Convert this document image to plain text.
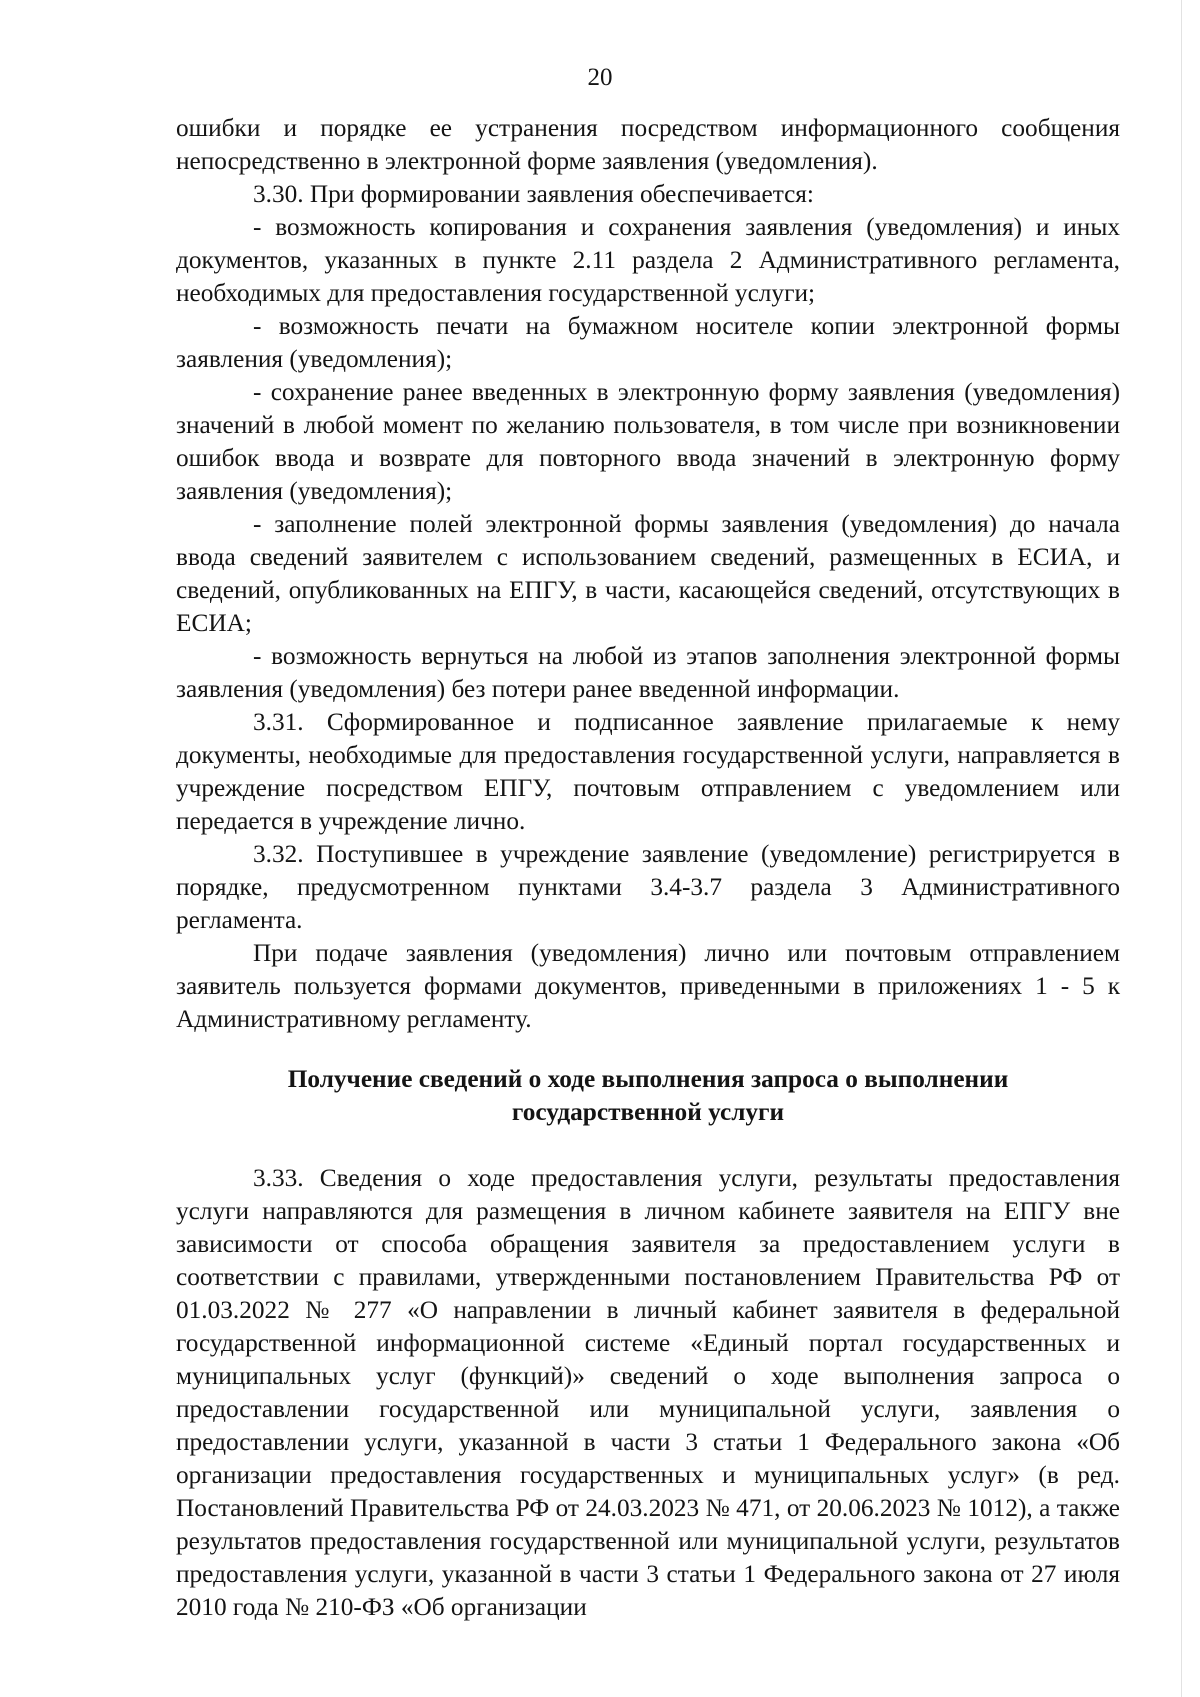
20

ошибки и порядке ее устранения посредством информационного сообщения непосредственно в электронной форме заявления (уведомления).

3.30. При формировании заявления обеспечивается:

- возможность копирования и сохранения заявления (уведомления) и иных документов, указанных в пункте 2.11 раздела 2 Административного регламента, необходимых для предоставления государственной услуги;

- возможность печати на бумажном носителе копии электронной формы заявления (уведомления);

- сохранение ранее введенных в электронную форму заявления (уведомления) значений в любой момент по желанию пользователя, в том числе при возникновении ошибок ввода и возврате для повторного ввода значений в электронную форму заявления (уведомления);

- заполнение полей электронной формы заявления (уведомления) до начала ввода сведений заявителем с использованием сведений, размещенных в ЕСИА, и сведений, опубликованных на ЕПГУ, в части, касающейся сведений, отсутствующих в ЕСИА;

- возможность вернуться на любой из этапов заполнения электронной формы заявления (уведомления) без потери ранее введенной информации.

3.31. Сформированное и подписанное заявление прилагаемые к нему документы, необходимые для предоставления государственной услуги, направляется в учреждение посредством ЕПГУ, почтовым отправлением с уведомлением или передается в учреждение лично.

3.32. Поступившее в учреждение заявление (уведомление) регистрируется в порядке, предусмотренном пунктами 3.4-3.7 раздела 3 Административного регламента.

При подаче заявления (уведомления) лично или почтовым отправлением заявитель пользуется формами документов, приведенными в приложениях 1 - 5 к Административному регламенту.

Получение сведений о ходе выполнения запроса о выполнении государственной услуги

3.33. Сведения о ходе предоставления услуги, результаты предоставления услуги направляются для размещения в личном кабинете заявителя на ЕПГУ вне зависимости от способа обращения заявителя за предоставлением услуги в соответствии с правилами, утвержденными постановлением Правительства РФ от 01.03.2022 № 277 «О направлении в личный кабинет заявителя в федеральной государственной информационной системе «Единый портал государственных и муниципальных услуг (функций)» сведений о ходе выполнения запроса о предоставлении государственной или муниципальной услуги, заявления о предоставлении услуги, указанной в части 3 статьи 1 Федерального закона «Об организации предоставления государственных и муниципальных услуг» (в ред. Постановлений Правительства РФ от 24.03.2023 № 471, от 20.06.2023 № 1012), а также результатов предоставления государственной или муниципальной услуги, результатов предоставления услуги, указанной в части 3 статьи 1 Федерального закона от 27 июля 2010 года № 210-ФЗ «Об организации
